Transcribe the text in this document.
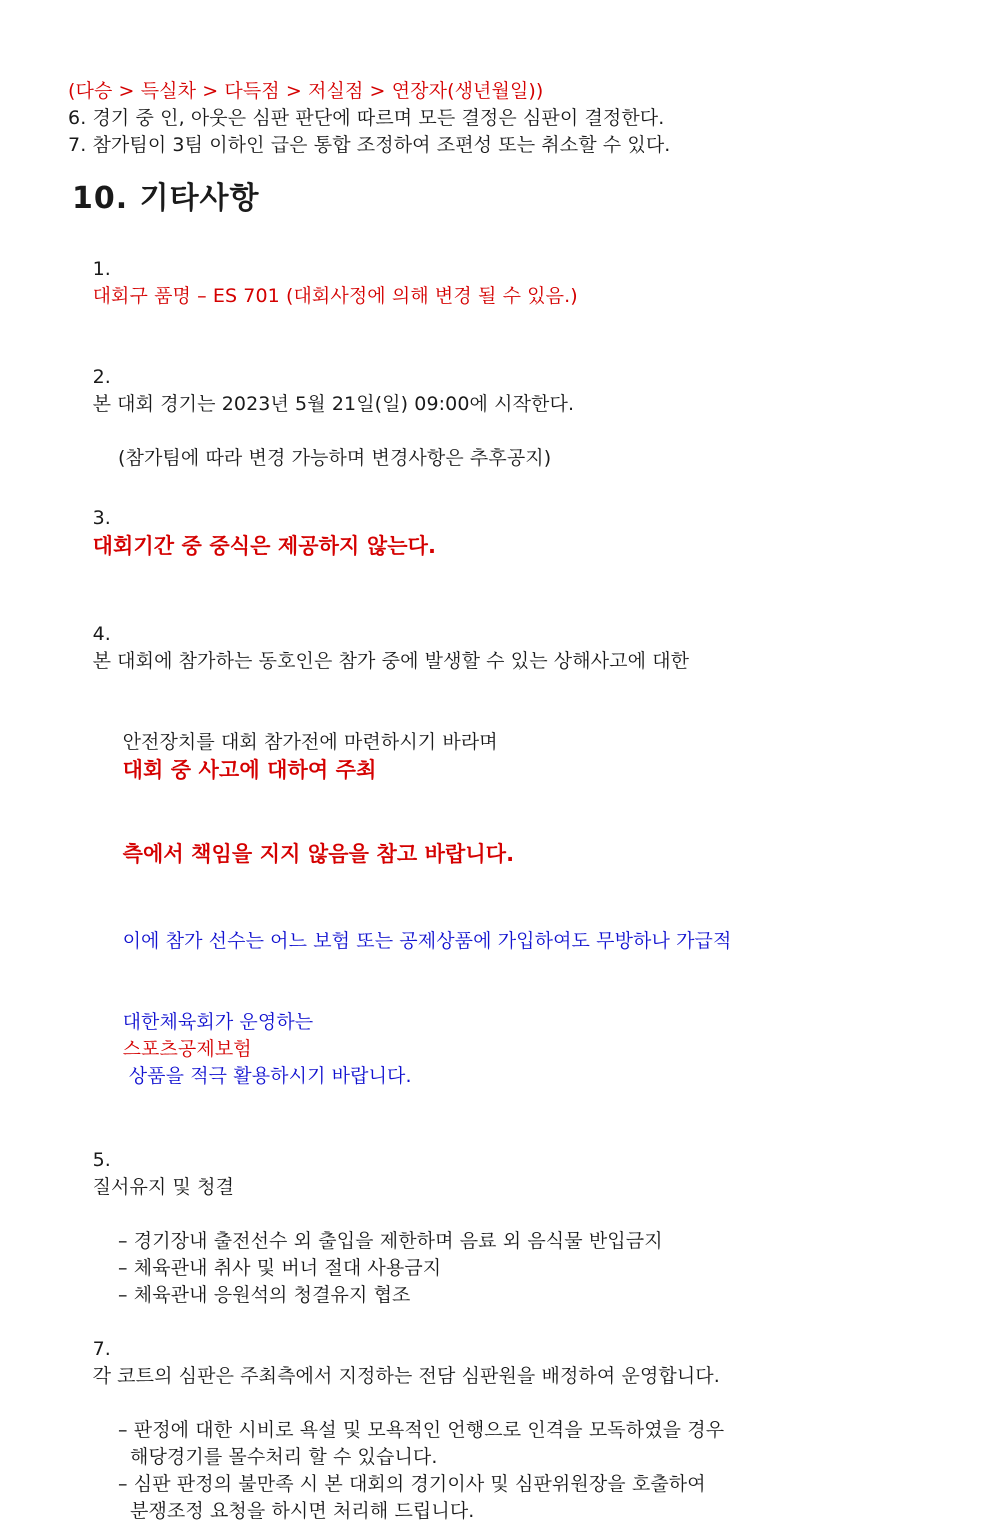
(다승 > 득실차 > 다득점 > 저실점 > 연장자(생년월일))
6. 경기 중 인, 아웃은 심판 판단에 따르며 모든 결정은 심판이 결정한다.
7. 참가팀이 3팀 이하인 급은 통합 조정하여 조편성 또는 취소할 수 있다.
10. 기타사항

1.
대회구 품명 – ES 701 (대회사정에 의해 변경 될 수 있음.)

2.
본 대회 경기는 2023년 5월 21일(일) 09:00에 시작한다.

(참가팀에 따라 변경 가능하며 변경사항은 추후공지)

3.
대회기간 중 중식은 제공하지 않는다.

4.
본 대회에 참가하는 동호인은 참가 중에 발생할 수 있는 상해사고에 대한

안전장치를 대회 참가전에 마련하시기 바라며
대회 중 사고에 대하여 주최

측에서 책임을 지지 않음을 참고 바랍니다.

이에 참가 선수는 어느 보험 또는 공제상품에 가입하여도 무방하나 가급적

대한체육회가 운영하는
스포츠공제보험
상품을 적극 활용하시기 바랍니다.

5.
질서유지 및 청결

– 경기장내 출전선수 외 출입을 제한하며 음료 외 음식물 반입금지
– 체육관내 취사 및 버너 절대 사용금지
– 체육관내 응원석의 청결유지 협조

7.
각 코트의 심판은 주최측에서 지정하는 전담 심판원을 배정하여 운영합니다.

– 판정에 대한 시비로 욕설 및 모욕적인 언행으로 인격을 모독하였을 경우
해당경기를 몰수처리 할 수 있습니다.
– 심판 판정의 불만족 시 본 대회의 경기이사 및 심판위원장을 호출하여
분쟁조정 요청을 하시면 처리해 드립니다.
